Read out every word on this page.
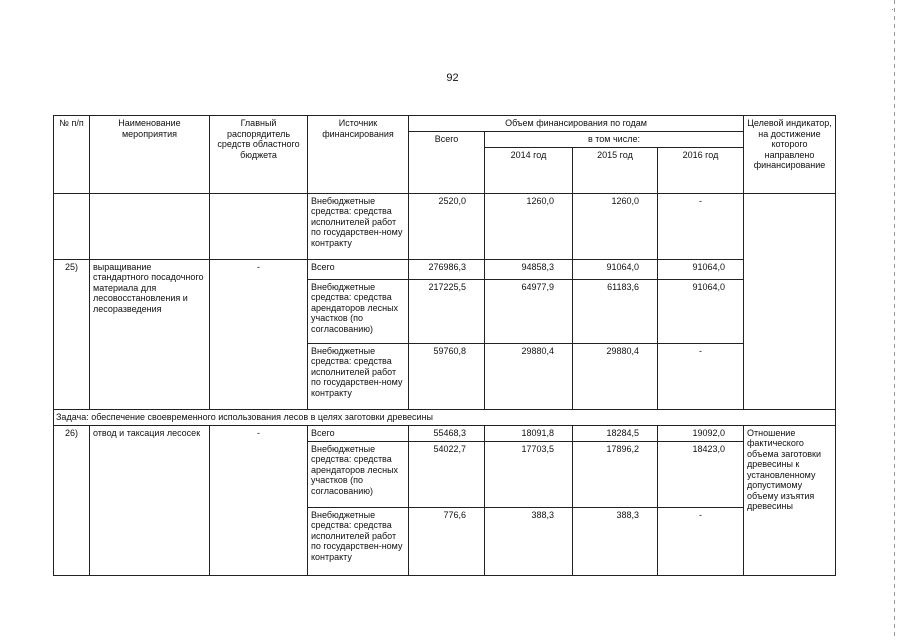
92
·
№ п/п	Наименование мероприятия	Главный распорядитель средств областного бюджета	Источник финансирования	Объем финансирования по годам				Целевой индикатор, на достижение которого направлено финансирование
				Всего	в том числе:			
					2014 год	2015 год	2016 год	
			Внебюджетные средства: средства исполнителей работ по государствен-ному контракту	2520,0	1260,0	1260,0	-	
25)	выращивание стандартного посадочного материала для лесовосстановления и лесоразведения	-	Всего	276986,3	94858,3	91064,0	91064,0	
			Внебюджетные средства: средства арендаторов лесных участков (по согласованию)	217225,5	64977,9	61183,6	91064,0	
			Внебюджетные средства: средства исполнителей работ по государствен-ному контракту	59760,8	29880,4	29880,4	-	
Задача: обеспечение своевременного использования лесов в целях заготовки древесины								
26)	отвод и таксация лесосек	-	Всего	55468,3	18091,8	18284,5	19092,0	Отношение фактического объема заготовки древесины к установленному допустимому объему изъятия древесины
			Внебюджетные средства: средства арендаторов лесных участков (по согласованию)	54022,7	17703,5	17896,2	18423,0	
			Внебюджетные средства: средства исполнителей работ по государствен-ному контракту	776,6	388,3	388,3	-	
